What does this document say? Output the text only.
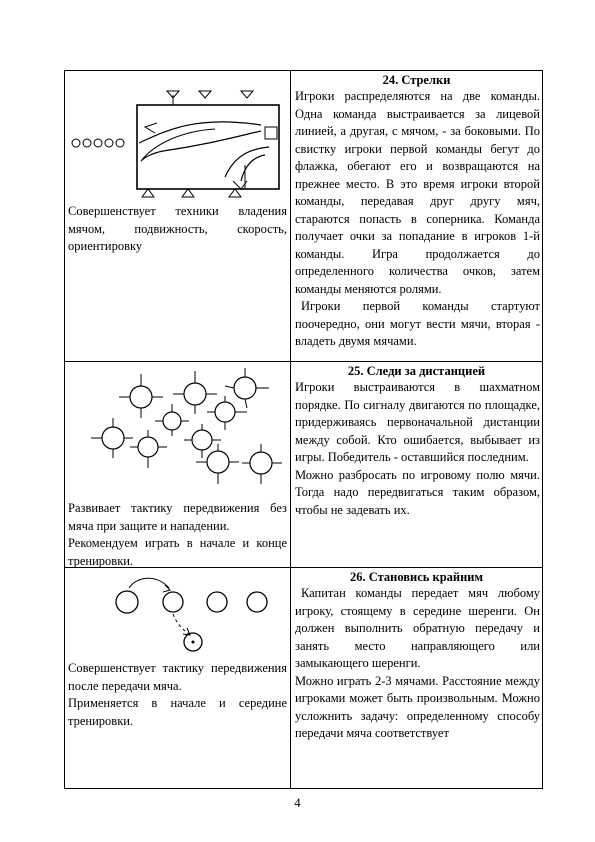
Совершенствует техники владения мячом, подвижность, скорость, ориентировку

24. Стрелки

Игроки распределяются на две команды. Одна команда выстраивается за лицевой линией, а другая, с мячом, - за боковыми. По свистку игроки первой команды бегут до флажка, обегают его и возвращаются на прежнее место. В это время игроки второй команды, передавая друг другу мяч, стараются попасть в соперника. Команда получает очки за попадание в игроков 1-й команды. Игра продолжается до определенного количества очков, затем команды меняются ролями.

Игроки первой команды стартуют поочередно, они могут вести мячи, вторая - владеть двумя мячами.

Развивает тактику передвижения без мяча при защите и нападении.

Рекомендуем играть в начале и конце тренировки.

25. Следи за дистанцией

Игроки выстраиваются в шахматном порядке. По сигналу двигаются по площадке, придерживаясь первоначальной дистанции между собой. Кто ошибается, выбывает из игры. Победитель - оставшийся последним.

Можно разбросать по игровому полю мячи. Тогда надо передвигаться таким образом, чтобы не задевать их.

Совершенствует тактику передвижения после передачи мяча.

Применяется в начале и середине тренировки.

26. Становись крайним

Капитан команды передает мяч любому игроку, стоящему в середине шеренги. Он должен выполнить обратную передачу и занять место направляющего или замыкающего шеренги.

Можно играть 2-3 мячами. Расстояние между игроками может быть произвольным. Можно усложнить задачу: определенному способу передачи мяча соответствует

4
